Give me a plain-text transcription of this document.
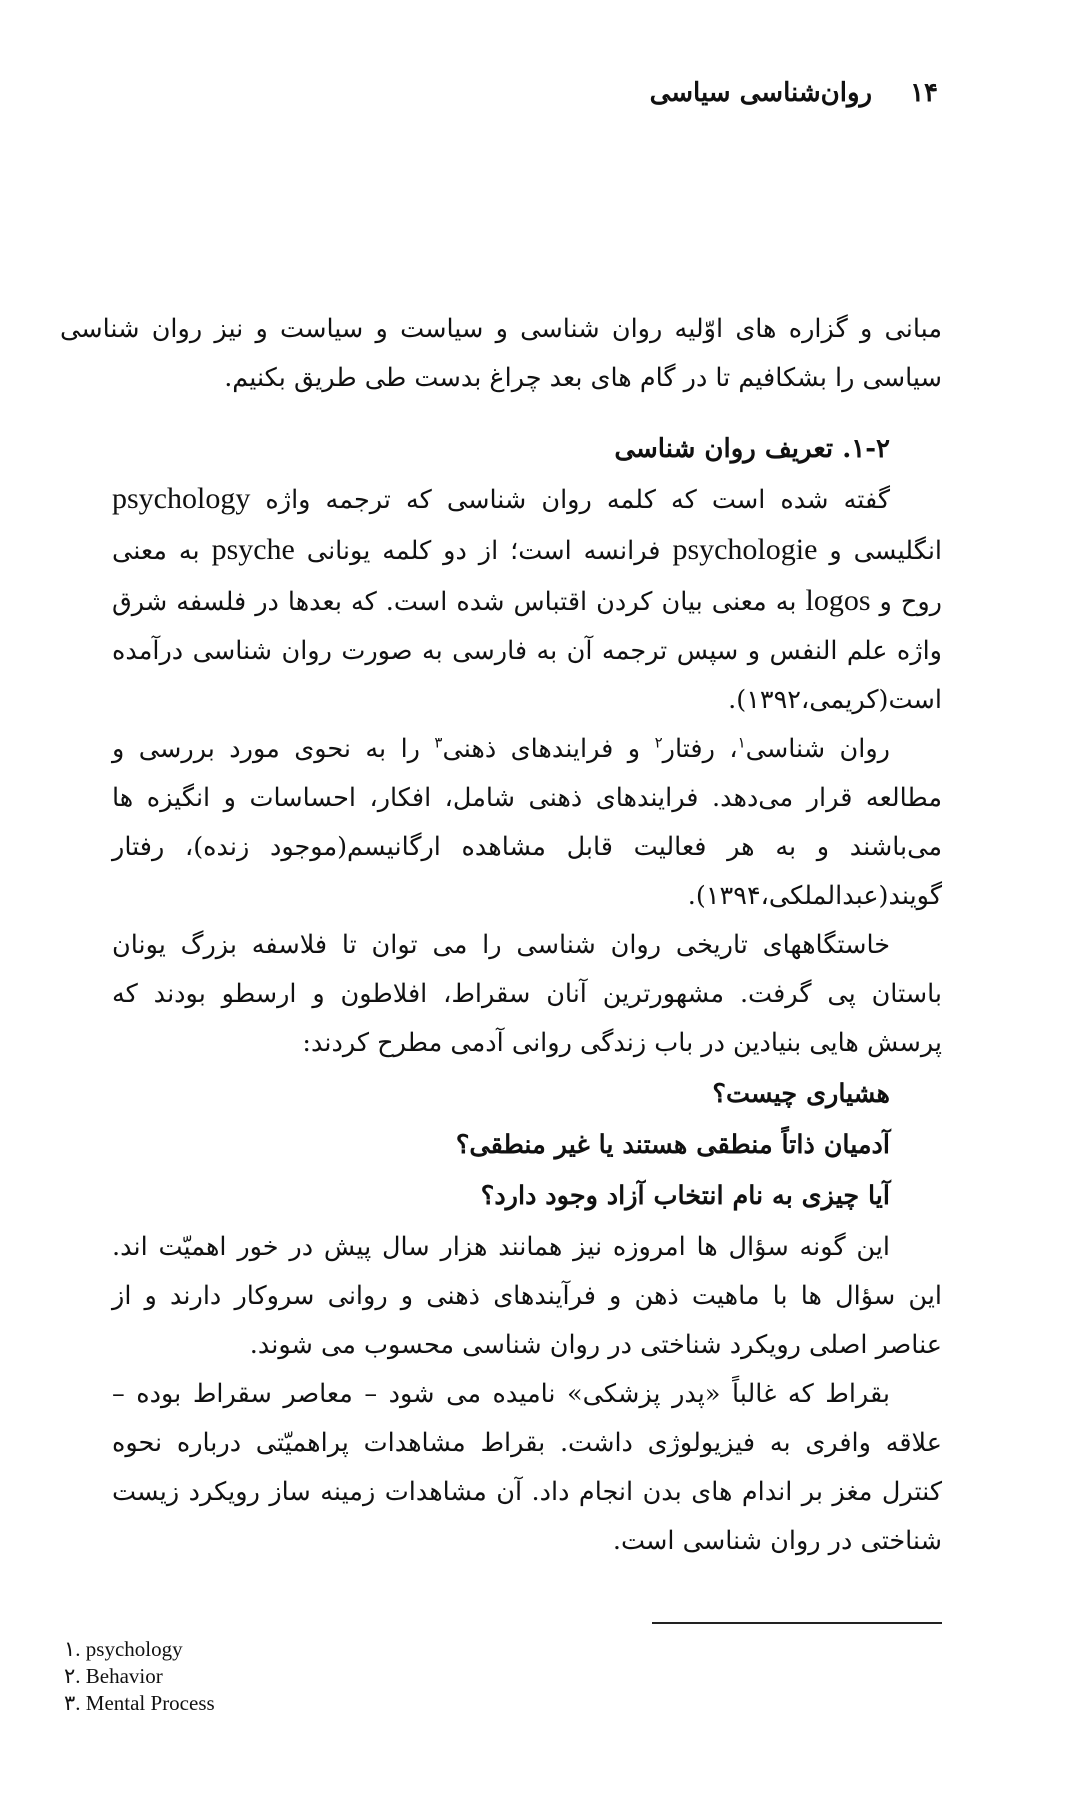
۱۴
روان‌شناسی سیاسی

مبانی و گزاره های اوّلیه روان شناسی و سیاست و سیاست و نیز روان شناسی سیاسی را بشکافیم تا در گام های بعد چراغ بدست طی طریق بکنیم.

۱-۲. تعریف روان شناسی

گفته شده است که کلمه روان شناسی که ترجمه واژه psychology انگلیسی و psychologie فرانسه است؛ از دو کلمه یونانی psyche به معنی روح و logos به معنی بیان کردن اقتباس شده است. که بعدها در فلسفه شرق واژه علم النفس و سپس ترجمه آن به فارسی به صورت روان شناسی درآمده است(کریمی،۱۳۹۲).

روان شناسی$^۱$، رفتار$^۲$ و فرایندهای ذهنی$^۳$ را به نحوی مورد بررسی و مطالعه قرار می‌دهد. فرایندهای ذهنی شامل، افکار، احساسات و انگیزه ها می‌باشند و به هر فعالیت قابل مشاهده ارگانیسم(موجود زنده)، رفتار گویند(عبدالملکی،۱۳۹۴).

خاستگاههای تاریخی روان شناسی را می توان تا فلاسفه بزرگ یونان باستان پی گرفت. مشهورترین آنان سقراط، افلاطون و ارسطو بودند که پرسش هایی بنیادین در باب زندگی روانی آدمی مطرح کردند:

هشیاری چیست؟
آدمیان ذاتاً منطقی هستند یا غیر منطقی؟
آیا چیزی به نام انتخاب آزاد وجود دارد؟

این گونه سؤال ها امروزه نیز همانند هزار سال پیش در خور اهمیّت اند. این سؤال ها با ماهیت ذهن و فرآیندهای ذهنی و روانی سروکار دارند و از عناصر اصلی رویکرد شناختی در روان شناسی محسوب می شوند.

بقراط که غالباً «پدر پزشکی» نامیده می شود – معاصر سقراط بوده – علاقه وافری به فیزیولوژی داشت. بقراط مشاهدات پراهمیّتی درباره نحوه کنترل مغز بر اندام های بدن انجام داد. آن مشاهدات زمینه ساز رویکرد زیست شناختی در روان شناسی است.

۱. psychology
۲. Behavior
۳. Mental Process
